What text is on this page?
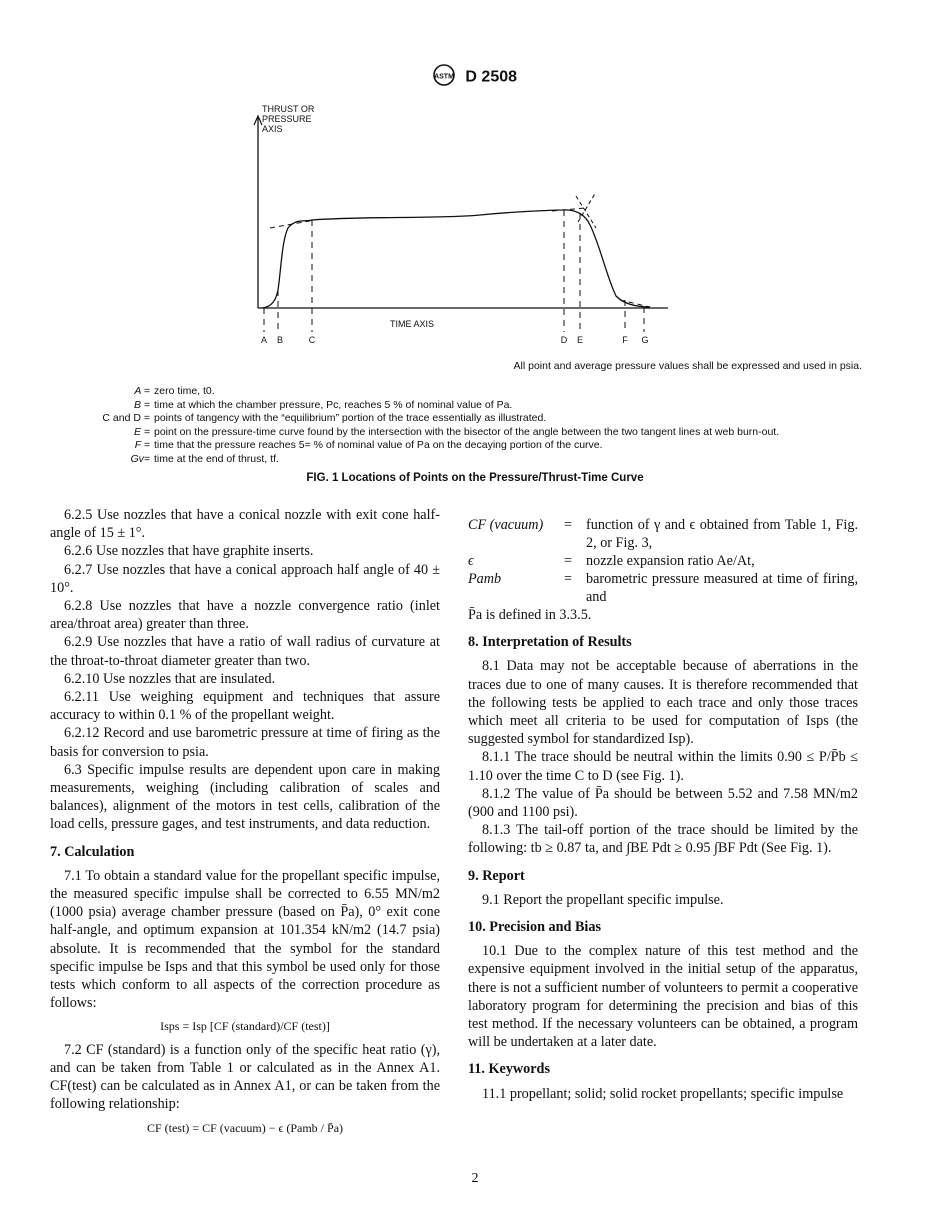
ASTM D 2508
THRUST OR
PRESSURE
AXIS
TIME AXIS
A B	C	D E	F G
All point and average pressure values shall be expressed and used in psia.
A = zero time, t0.
B = time at which the chamber pressure, Pc, reaches 5 % of nominal value of Pa.
C and D = points of tangency with the “equilibrium” portion of the trace essentially as illustrated.
E = point on the pressure-time curve found by the intersection with the bisector of the angle between the two tangent lines at web burn-out.
F = time that the pressure reaches 5= % of nominal value of Pa on the decaying portion of the curve.
Gv= time at the end of thrust, tf.
FIG. 1 Locations of Points on the Pressure/Thrust-Time Curve

6.2.5 Use nozzles that have a conical nozzle with exit cone half-angle of 15 ± 1°.

6.2.6 Use nozzles that have graphite inserts.

6.2.7 Use nozzles that have a conical approach half angle of 40 ± 10°.

6.2.8 Use nozzles that have a nozzle convergence ratio (inlet area/throat area) greater than three.

6.2.9 Use nozzles that have a ratio of wall radius of curvature at the throat-to-throat diameter greater than two.

6.2.10 Use nozzles that are insulated.

6.2.11 Use weighing equipment and techniques that assure accuracy to within 0.1 % of the propellant weight.

6.2.12 Record and use barometric pressure at time of firing as the basis for conversion to psia.

6.3 Specific impulse results are dependent upon care in making measurements, weighing (including calibration of scales and balances), alignment of the motors in test cells, calibration of the load cells, pressure gages, and test instruments, and data reduction.

7. Calculation

7.1 To obtain a standard value for the propellant specific impulse, the measured specific impulse shall be corrected to 6.55 MN/m2 (1000 psia) average chamber pressure (based on P̄a), 0° exit cone half-angle, and optimum expansion at 101.354 kN/m2 (14.7 psia) absolute. It is recommended that the symbol for the standard specific impulse be Isps and that this symbol be used only for those tests which conform to all aspects of the correction procedure as follows:

Isps = Isp [CF (standard)/CF (test)]

7.2 CF (standard) is a function only of the specific heat ratio (γ), and can be taken from Table 1 or calculated as in the Annex A1. CF(test) can be calculated as in Annex A1, or can be taken from the following relationship:

CF (test) = CF (vacuum) − ϵ (Pamb / P̄a)
CF (vacuum)	=	function of γ and ϵ obtained from Table 1, Fig. 2, or Fig. 3,
ϵ	=	nozzle expansion ratio Ae/At,
Pamb	=	barometric pressure measured at time of firing, and

P̄a is defined in 3.3.5.

8. Interpretation of Results

8.1 Data may not be acceptable because of aberrations in the traces due to one of many causes. It is therefore recommended that the following tests be applied to each trace and only those traces which meet all criteria to be used for computation of Isps (the suggested symbol for standardized Isp).

8.1.1 The trace should be neutral within the limits 0.90 ≤ P/P̄b ≤ 1.10 over the time C to D (see Fig. 1).

8.1.2 The value of P̄a should be between 5.52 and 7.58 MN/m2 (900 and 1100 psi).

8.1.3 The tail-off portion of the trace should be limited by the following: tb ≥ 0.87 ta, and ∫BE Pdt ≥ 0.95 ∫BF Pdt (See Fig. 1).

9. Report

9.1 Report the propellant specific impulse.

10. Precision and Bias

10.1 Due to the complex nature of this test method and the expensive equipment involved in the initial setup of the apparatus, there is not a sufficient number of volunteers to permit a cooperative laboratory program for determining the precision and bias of this test method. If the necessary volunteers can be obtained, a program will be undertaken at a later date.

11. Keywords

11.1 propellant; solid; solid rocket propellants; specific impulse

2
